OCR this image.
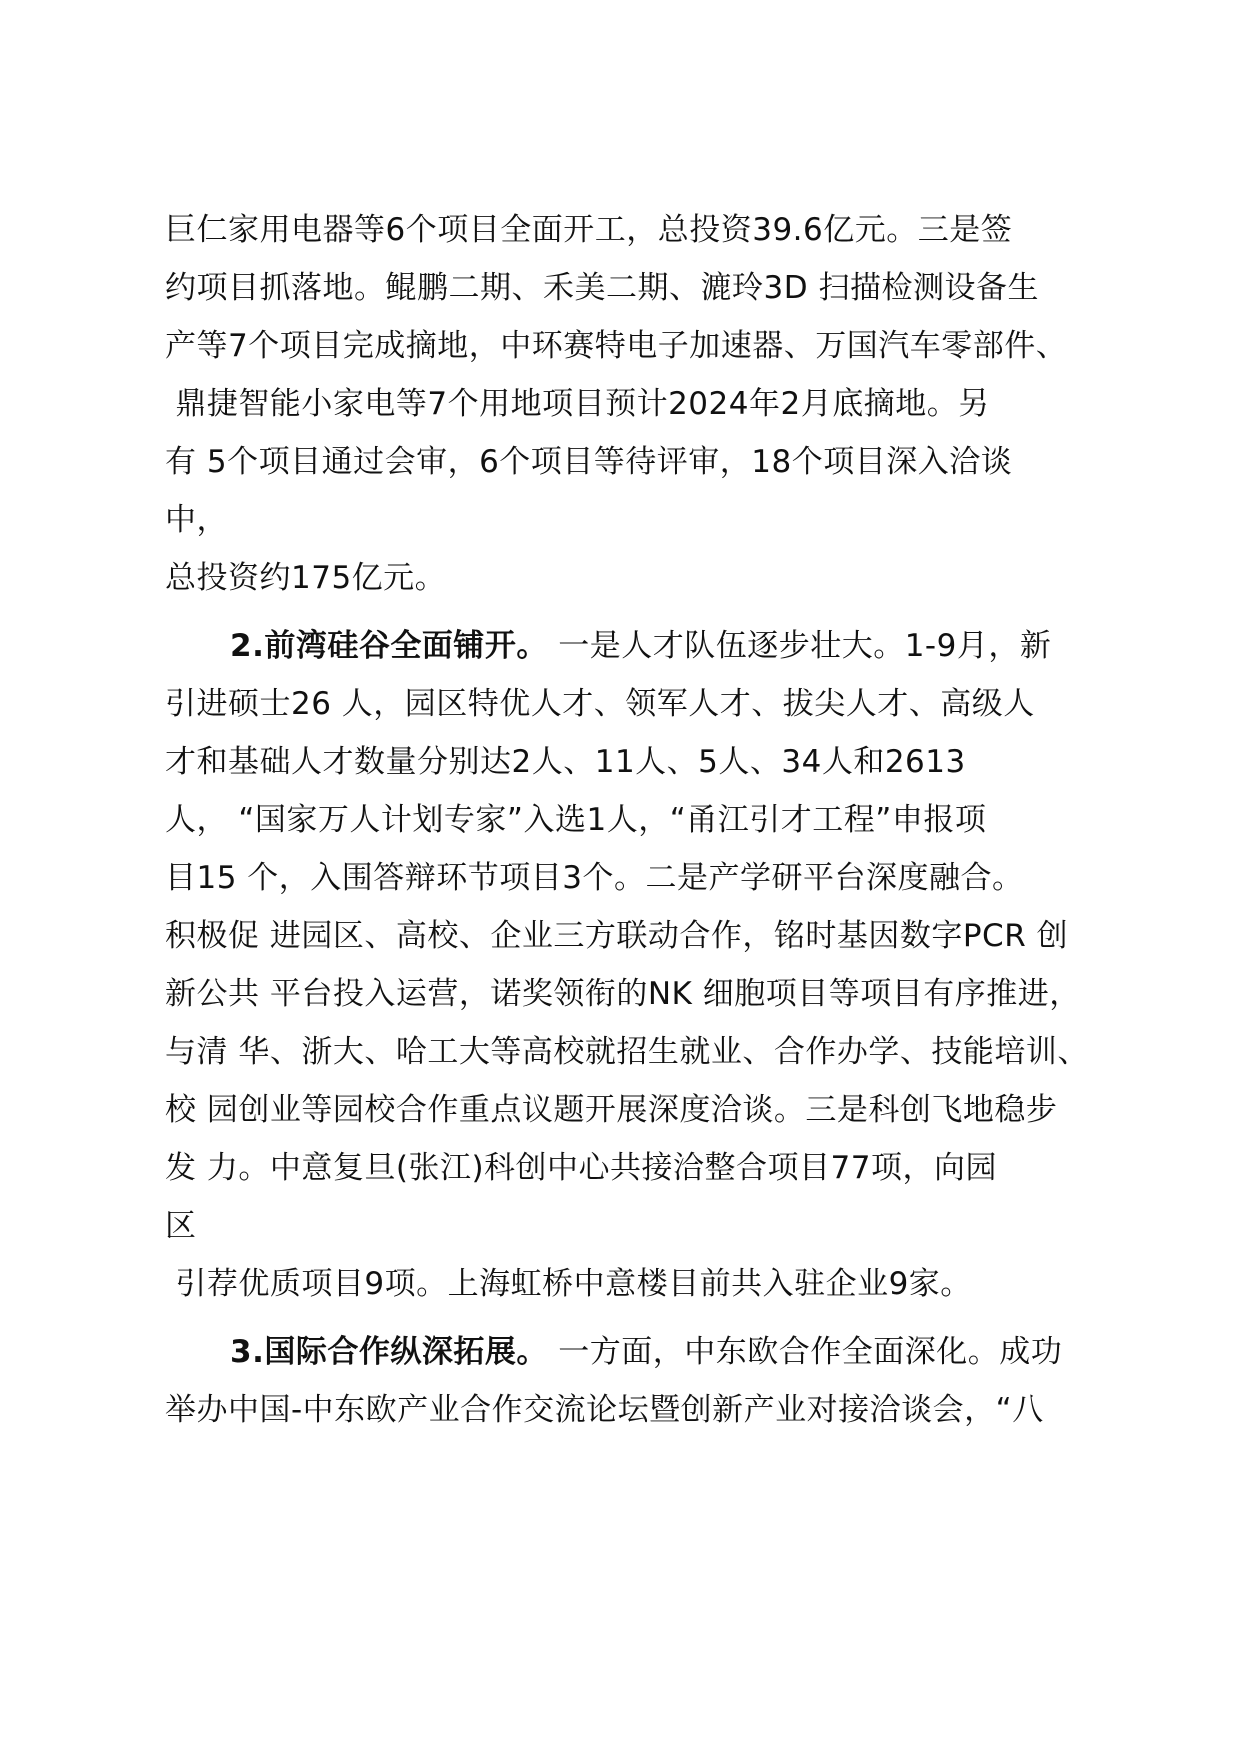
巨仁家用电器等6个项目全面开工，总投资39.6亿元。三是签
约项目抓落地。鲲鹏二期、禾美二期、漉玲3D 扫描检测设备生
产等7个项目完成摘地，中环赛特电子加速器、万国汽车零部件、
鼎捷智能小家电等7个用地项目预计2024年2月底摘地。另
有 5个项目通过会审，6个项目等待评审，18个项目深入洽谈
中，
总投资约175亿元。
2.前湾硅谷全面铺开。 一是人才队伍逐步壮大。1-9月，新
引进硕士26 人，园区特优人才、领军人才、拔尖人才、高级人
才和基础人才数量分别达2人、11人、5人、34人和2613
人， “国家万人计划专家”入选1人，“甬江引才工程”申报项
目15 个，入围答辩环节项目3个。二是产学研平台深度融合。
积极促 进园区、高校、企业三方联动合作，铭时基因数字PCR 创
新公共 平台投入运营，诺奖领衔的NK 细胞项目等项目有序推进，
与清 华、浙大、哈工大等高校就招生就业、合作办学、技能培训、
校 园创业等园校合作重点议题开展深度洽谈。三是科创飞地稳步
发 力。中意复旦(张江)科创中心共接洽整合项目77项，向园
区
引荐优质项目9项。上海虹桥中意楼目前共入驻企业9家。
3.国际合作纵深拓展。 一方面，中东欧合作全面深化。成功
举办中国-中东欧产业合作交流论坛暨创新产业对接洽谈会，“八
